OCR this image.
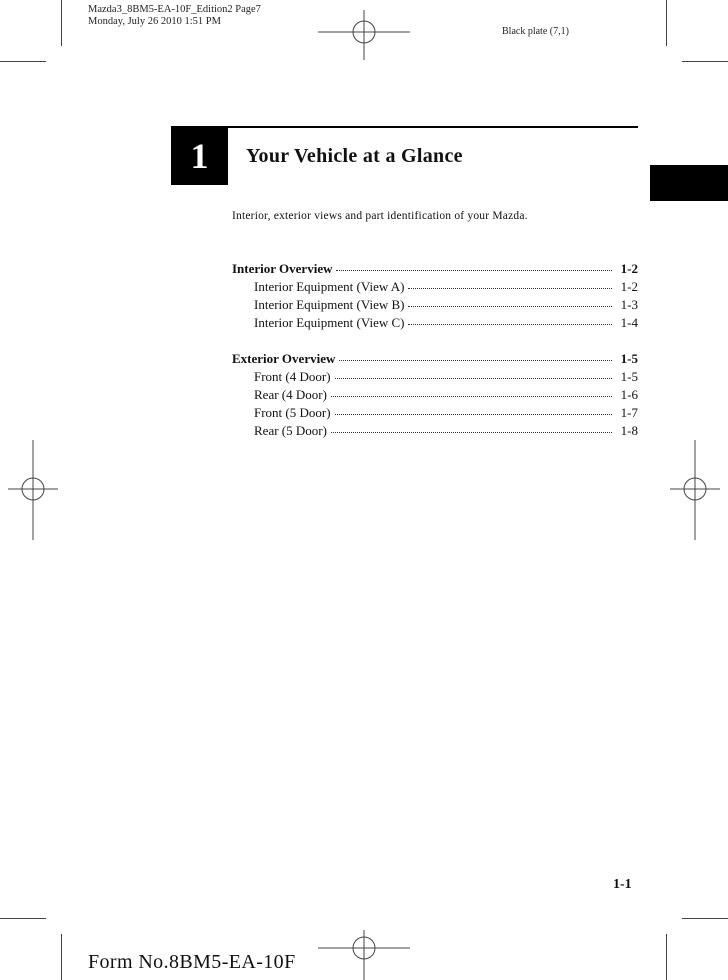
Mazda3_8BM5-EA-10F_Edition2 Page7
Monday, July 26 2010 1:51 PM
Black plate (7,1)
1 Your Vehicle at a Glance
Interior, exterior views and part identification of your Mazda.
Interior Overview	1-2
Interior Equipment (View A)	1-2
Interior Equipment (View B)	1-3
Interior Equipment (View C)	1-4
Exterior Overview	1-5
Front (4 Door)	1-5
Rear (4 Door)	1-6
Front (5 Door)	1-7
Rear (5 Door)	1-8
1-1
Form No.8BM5-EA-10F
